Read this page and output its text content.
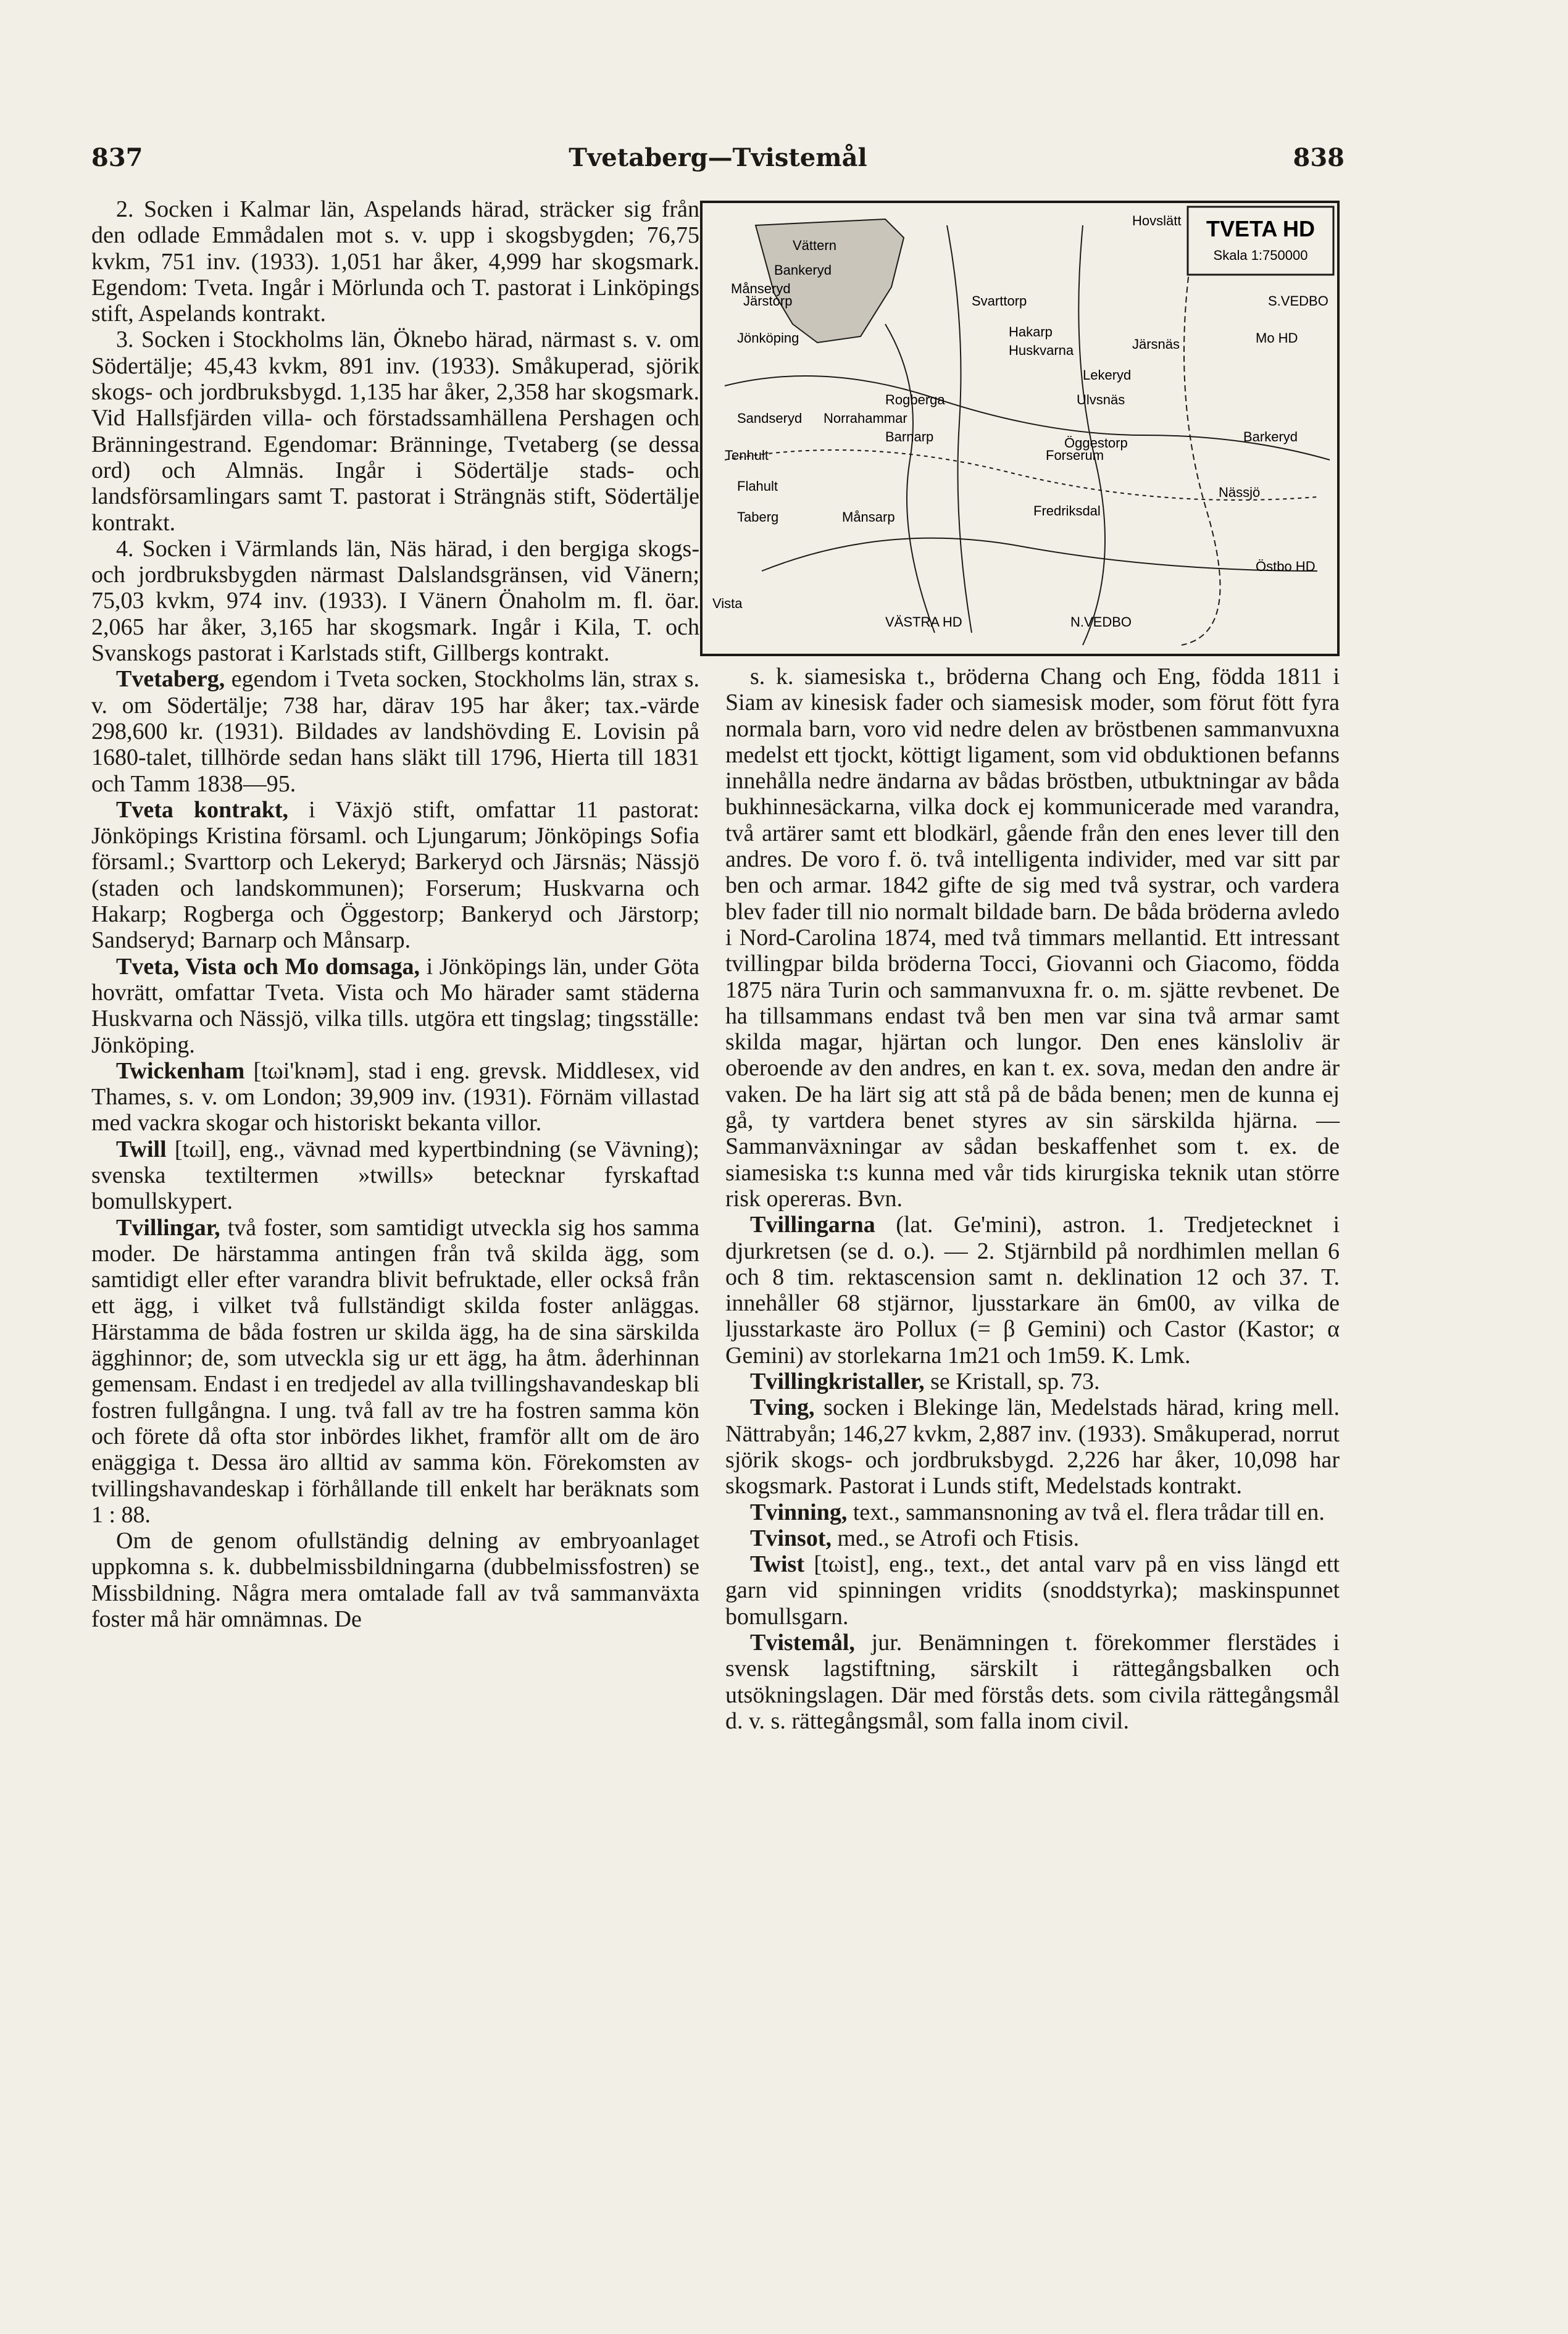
837	Tvetaberg—Tvistemål	838

2. Socken i Kalmar län, Aspelands härad, sträcker sig från den odlade Emmådalen mot s. v. upp i skogsbygden; 76,75 kvkm, 751 inv. (1933). 1,051 har åker, 4,999 har skogsmark. Egendom: Tveta. Ingår i Mörlunda och T. pastorat i Linköpings stift, Aspelands kontrakt.

3. Socken i Stockholms län, Öknebo härad, närmast s. v. om Södertälje; 45,43 kvkm, 891 inv. (1933). Småkuperad, sjörik skogs- och jordbruksbygd. 1,135 har åker, 2,358 har skogsmark. Vid Hallsfjärden villa- och förstadssamhällena Pershagen och Bränningestrand. Egendomar: Bränninge, Tvetaberg (se dessa ord) och Almnäs. Ingår i Södertälje stads- och landsförsamlingars samt T. pastorat i Strängnäs stift, Södertälje kontrakt.

4. Socken i Värmlands län, Näs härad, i den bergiga skogs- och jordbruksbygden närmast Dalslandsgränsen, vid Vänern; 75,03 kvkm, 974 inv. (1933). I Vänern Önaholm m. fl. öar. 2,065 har åker, 3,165 har skogsmark. Ingår i Kila, T. och Svanskogs pastorat i Karlstads stift, Gillbergs kontrakt.

Tvetaberg, egendom i Tveta socken, Stockholms län, strax s. v. om Södertälje; 738 har, därav 195 har åker; tax.-värde 298,600 kr. (1931). Bildades av landshövding E. Lovisin på 1680-talet, tillhörde sedan hans släkt till 1796, Hierta till 1831 och Tamm 1838—95.

Tveta kontrakt, i Växjö stift, omfattar 11 pastorat: Jönköpings Kristina församl. och Ljungarum; Jönköpings Sofia församl.; Svarttorp och Lekeryd; Barkeryd och Järsnäs; Nässjö (staden och landskommunen); Forserum; Huskvarna och Hakarp; Rogberga och Öggestorp; Bankeryd och Järstorp; Sandseryd; Barnarp och Månsarp.

Tveta, Vista och Mo domsaga, i Jönköpings län, under Göta hovrätt, omfattar Tveta. Vista och Mo härader samt städerna Huskvarna och Nässjö, vilka tills. utgöra ett tingslag; tingsställe: Jönköping.

Twickenham [tωi'knəm], stad i eng. grevsk. Middlesex, vid Thames, s. v. om London; 39,909 inv. (1931). Förnäm villastad med vackra skogar och historiskt bekanta villor.

Twill [tωil], eng., vävnad med kypertbindning (se Vävning); svenska textiltermen »twills» betecknar fyrskaftad bomullskypert.

Tvillingar, två foster, som samtidigt utveckla sig hos samma moder. De härstamma antingen från två skilda ägg, som samtidigt eller efter varandra blivit befruktade, eller också från ett ägg, i vilket två fullständigt skilda foster anläggas. Härstamma de båda fostren ur skilda ägg, ha de sina särskilda ägghinnor; de, som utveckla sig ur ett ägg, ha åtm. åderhinnan gemensam. Endast i en tredjedel av alla tvillingshavandeskap bli fostren fullgångna. I ung. två fall av tre ha fostren samma kön och förete då ofta stor inbördes likhet, framför allt om de äro enäggiga t. Dessa äro alltid av samma kön. Förekomsten av tvillingshavandeskap i förhållande till enkelt har beräknats som 1 : 88.

Om de genom ofullständig delning av embryoanlaget uppkomna s. k. dubbelmissbildningarna (dubbelmissfostren) se Missbildning. Några mera omtalade fall av två sammanväxta foster må här omnämnas. De

TVETA HD
Skala 1:750000
Vättern
Bankeryd
Järstorp
Jönköping
Månseryd
Svarttorp
Hakarp
Huskvarna	Järsnäs
Lekeryd
Rogberga
Barnarp	Öggestorp
Ulvsnäs
Barkeryd
Nässjö
Forserum
Månsarp
Sandseryd
Tenhult
Flahult
Fredriksdal
Östbo HD
VÄSTRA HD	N.VEDBO
S.VEDBO
Mo HD
Vista
Hovslätt
Norrahammar
Taberg

s. k. siamesiska t., bröderna Chang och Eng, födda 1811 i Siam av kinesisk fader och siamesisk moder, som förut fött fyra normala barn, voro vid nedre delen av bröstbenen sammanvuxna medelst ett tjockt, köttigt ligament, som vid obduktionen befanns innehålla nedre ändarna av bådas bröstben, utbuktningar av båda bukhinnesäckarna, vilka dock ej kommunicerade med varandra, två artärer samt ett blodkärl, gående från den enes lever till den andres. De voro f. ö. två intelligenta individer, med var sitt par ben och armar. 1842 gifte de sig med två systrar, och vardera blev fader till nio normalt bildade barn. De båda bröderna avledo i Nord-Carolina 1874, med två timmars mellantid. Ett intressant tvillingpar bilda bröderna Tocci, Giovanni och Giacomo, födda 1875 nära Turin och sammanvuxna fr. o. m. sjätte revbenet. De ha tillsammans endast två ben men var sina två armar samt skilda magar, hjärtan och lungor. Den enes känsloliv är oberoende av den andres, en kan t. ex. sova, medan den andre är vaken. De ha lärt sig att stå på de båda benen; men de kunna ej gå, ty vartdera benet styres av sin särskilda hjärna. — Sammanväxningar av sådan beskaffenhet som t. ex. de siamesiska t:s kunna med vår tids kirurgiska teknik utan större risk opereras. Bvn.

Tvillingarna (lat. Ge'mini), astron. 1. Tredjetecknet i djurkretsen (se d. o.). — 2. Stjärnbild på nordhimlen mellan 6 och 8 tim. rektascension samt n. deklination 12 och 37. T. innehåller 68 stjärnor, ljusstarkare än 6m00, av vilka de ljusstarkaste äro Pollux (= β Gemini) och Castor (Kastor; α Gemini) av storlekarna 1m21 och 1m59. K. Lmk.

Tvillingkristaller, se Kristall, sp. 73.

Tving, socken i Blekinge län, Medelstads härad, kring mell. Nättrabyån; 146,27 kvkm, 2,887 inv. (1933). Småkuperad, norrut sjörik skogs- och jordbruksbygd. 2,226 har åker, 10,098 har skogsmark. Pastorat i Lunds stift, Medelstads kontrakt.

Tvinning, text., sammansnoning av två el. flera trådar till en.

Tvinsot, med., se Atrofi och Ftisis.

Twist [tωist], eng., text., det antal varv på en viss längd ett garn vid spinningen vridits (snoddstyrka); maskinspunnet bomullsgarn.

Tvistemål, jur. Benämningen t. förekommer flerstädes i svensk lagstiftning, särskilt i rättegångsbalken och utsökningslagen. Där med förstås dets. som civila rättegångsmål d. v. s. rättegångsmål, som falla inom civil.
